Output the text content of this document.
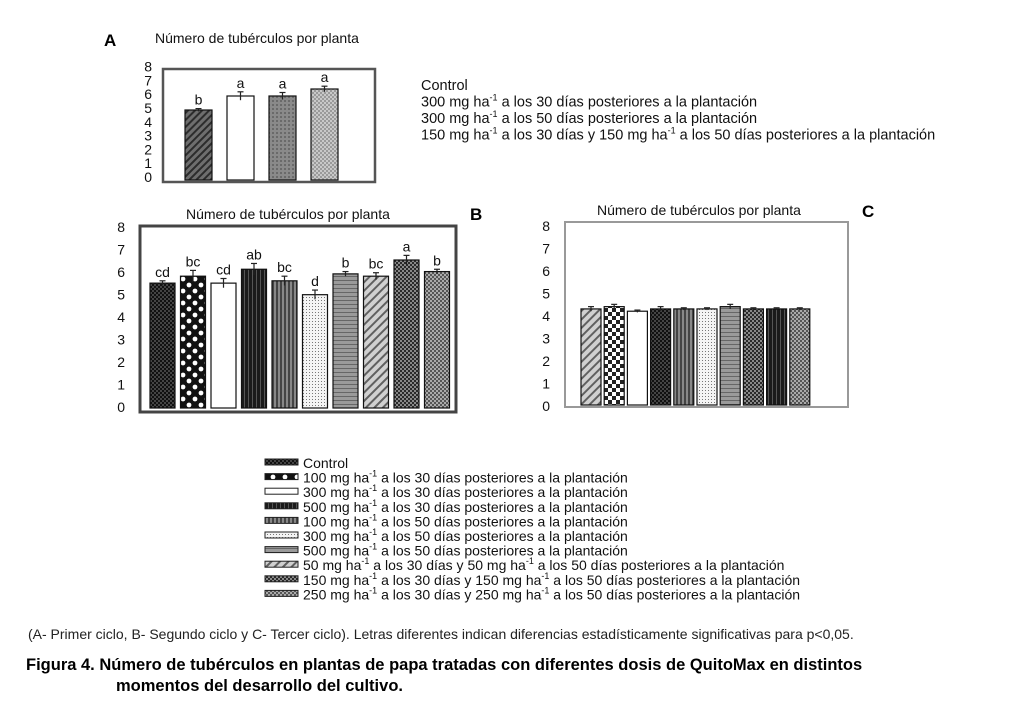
A	Número de tubérculos por planta
0
1
2
3
4
5
6
7
8
b
a a a
Control
300 mg $ha^{-1}$ a los 30 días posteriores a la plantación
300 mg $ha^{-1}$ a los 50 días posteriores a la plantación
150 mg $ha^{-1}$ a los 30 días y 150 mg $ha^{-1}$ a los 50 días posteriores a la plantación
Número de tubérculos por planta	B
0
1
2
3
4
5
6
7
8
cd
bc
cd
ab
bc
d
b bc
a
b
Número de tubérculos por planta	C
0
1
2
3
4
5
6
7
8
Control
100 mg $ha^{-1}$ a los 30 días posteriores a la plantación
300 mg $ha^{-1}$ a los 30 días posteriores a la plantación
500 mg $ha^{-1}$ a los 30 días posteriores a la plantación
100 mg $ha^{-1}$ a los 50 días posteriores a la plantación
300 mg $ha^{-1}$ a los 50 días posteriores a la plantación
500 mg $ha^{-1}$ a los 50 días posteriores a la plantación
50 mg $ha^{-1}$ a los 30 días y 50 mg $ha^{-1}$ a los 50 días posteriores a la plantación
150 mg $ha^{-1}$ a los 30 días y 150 mg $ha^{-1}$ a los 50 días posteriores a la plantación
250 mg $ha^{-1}$ a los 30 días y 250 mg $ha^{-1}$ a los 50 días posteriores a la plantación
(A- Primer ciclo, B- Segundo ciclo y C- Tercer ciclo). Letras diferentes indican diferencias estadísticamente significativas para p<0,05.
Figura 4. Número de tubérculos en plantas de papa tratadas con diferentes dosis de QuitoMax en distintos
momentos del desarrollo del cultivo.
